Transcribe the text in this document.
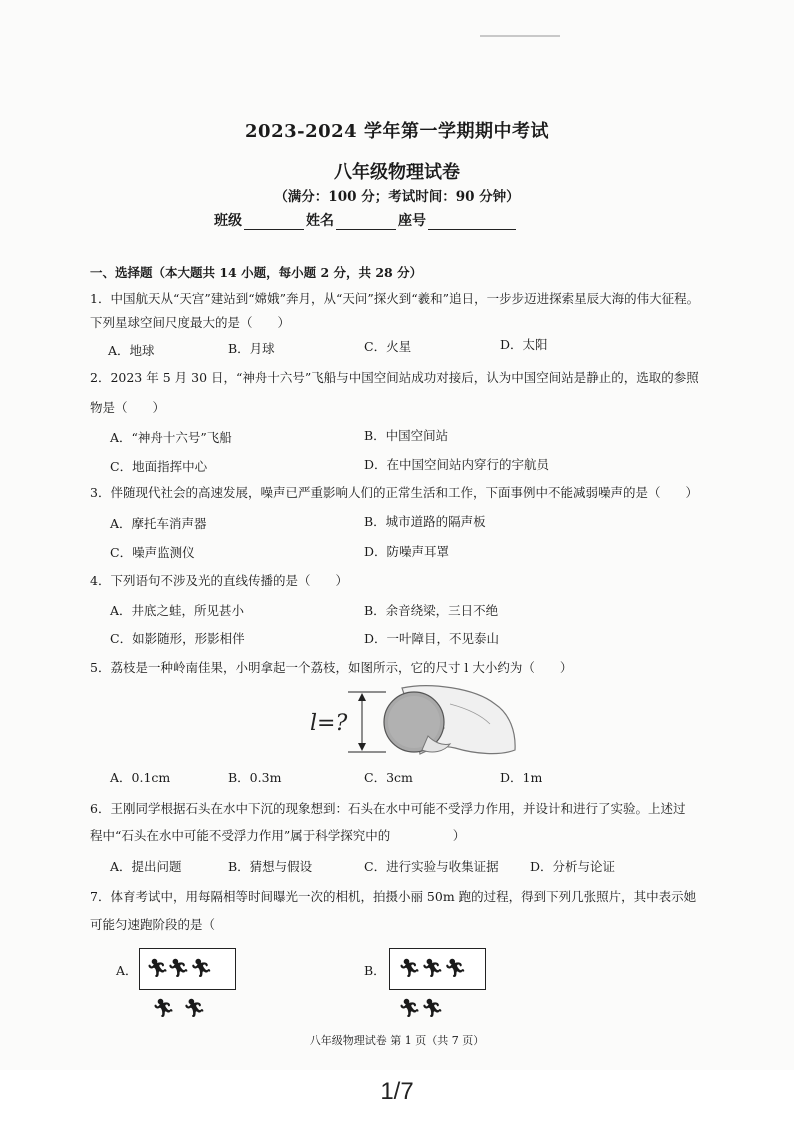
2023-2024 学年第一学期期中考试
八年级物理试卷
（满分：100 分；考试时间：90 分钟）
班级	姓名	座号
一、选择题（本大题共 14 小题，每小题 2 分，共 28 分）
1．中国航天从“天宫”建站到“嫦娥”奔月，从“天问”探火到“羲和”追日，一步步迈进探索星辰大海的伟大征程。
下列星球空间尺度最大的是（　　）
A．地球	B．月球	C．火星	D．太阳
2．2023 年 5 月 30 日，“神舟十六号”飞船与中国空间站成功对接后，认为中国空间站是静止的，选取的参照
物是（　　）
A．“神舟十六号”飞船	B．中国空间站
C．地面指挥中心	D．在中国空间站内穿行的宇航员
3．伴随现代社会的高速发展，噪声已严重影响人们的正常生活和工作，下面事例中不能减弱噪声的是（　　）
A．摩托车消声器	B．城市道路的隔声板
C．噪声监测仪	D．防噪声耳罩
4．下列语句不涉及光的直线传播的是（　　）
A．井底之蛙，所见甚小	B．余音绕梁，三日不绝
C．如影随形，形影相伴	D．一叶障目，不见泰山
5．荔枝是一种岭南佳果，小明拿起一个荔枝，如图所示，它的尺寸 l 大小约为（　　）
l=?
A．0.1cm	B．0.3m	C．3cm	D．1m
6．王刚同学根据石头在水中下沉的现象想到：石头在水中可能不受浮力作用，并设计和进行了实验。上述过
程中“石头在水中可能不受浮力作用”属于科学探究中的　　　　　）
A．提出问题	B．猜想与假设	C．进行实验与收集证据	D．分析与论证
7．体育考试中，用每隔相等时间曝光一次的相机，拍摄小丽 50m 跑的过程，得到下列几张照片，其中表示她
可能匀速跑阶段的是（
A． 🏃︎🏃︎ 🏃︎🏃︎ 🏃︎
B． 🏃︎ 🏃︎ 🏃︎🏃︎ 🏃︎
八年级物理试卷 第 1 页（共 7 页）
1/7
